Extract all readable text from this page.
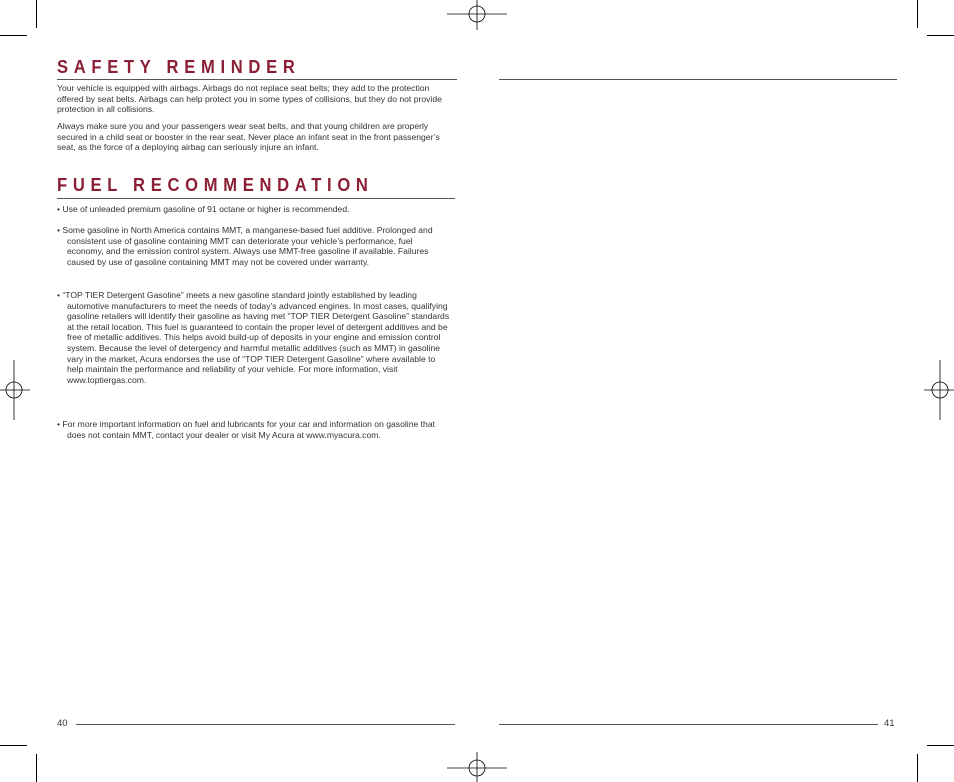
SAFETY REMINDER

Your vehicle is equipped with airbags. Airbags do not replace seat belts; they add to the protection offered by seat belts. Airbags can help protect you in some types of collisions, but they do not provide protection in all collisions.

Always make sure you and your passengers wear seat belts, and that young children are properly secured in a child seat or booster in the rear seat. Never place an infant seat in the front passenger’s seat, as the force of a deploying airbag can seriously injure an infant.

FUEL RECOMMENDATION

• Use of unleaded premium gasoline of 91 octane or higher is recommended.

• Some gasoline in North America contains MMT, a manganese-based fuel additive. Prolonged and consistent use of gasoline containing MMT can deteriorate your vehicle’s performance, fuel economy, and the emission control system. Always use MMT-free gasoline if available. Failures caused by use of gasoline containing MMT may not be covered under warranty.

• “TOP TIER Detergent Gasoline” meets a new gasoline standard jointly established by leading automotive manufacturers to meet the needs of today’s advanced engines. In most cases, qualifying gasoline retailers will identify their gasoline as having met “TOP TIER Detergent Gasoline” standards at the retail location. This fuel is guaranteed to contain the proper level of detergent additives and be free of metallic additives. This helps avoid build-up of deposits in your engine and emission control system. Because the level of detergency and harmful metallic additives (such as MMT) in gasoline vary in the market, Acura endorses the use of “TOP TIER Detergent Gasoline” where available to help maintain the performance and reliability of your vehicle. For more information, visit www.toptiergas.com.

• For more important information on fuel and lubricants for your car and information on gasoline that does not contain MMT, contact your dealer or visit My Acura at www.myacura.com.

40	41
